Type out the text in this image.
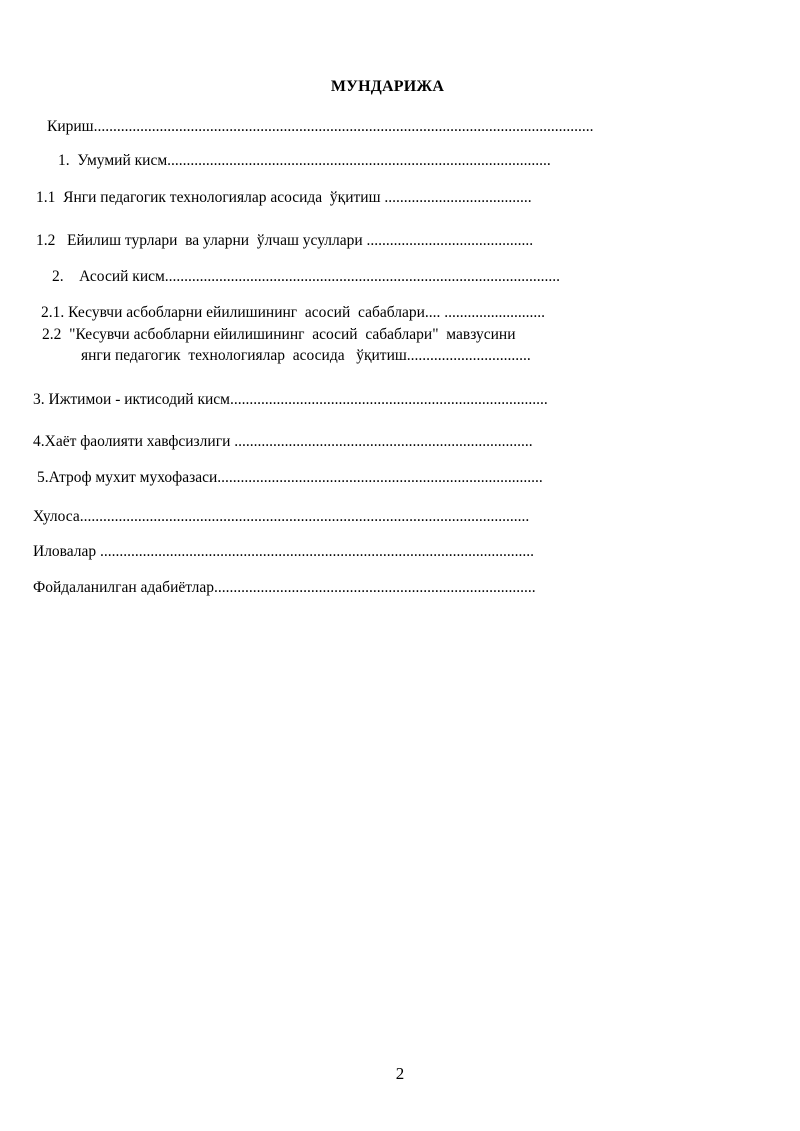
МУНДАРИЖА
Кириш.................................................................................................................................
1.  Умумий кисм...................................................................................................
1.1  Янги педагогик технологиялар асосида  ўқитиш ......................................
1.2   Ейилиш турлари  ва уларни  ўлчаш усуллари ...........................................
2.    Асосий кисм......................................................................................................
2.1. Кесувчи асбобларни ейилишининг  асосий  сабаблари.... ..........................
2.2  "Кесувчи асбобларни ейилишининг  асосий  сабаблари"  мавзусини
янги педагогик  технологиялар  асосида   ўқитиш................................
3. Ижтимои - иктисодий кисм..................................................................................
4.Хаёт фаолияти хавфсизлиги .............................................................................
5.Атроф мухит мухофазаси....................................................................................
Хулоса....................................................................................................................
Иловалар ................................................................................................................
Фойдаланилган адабиётлар...................................................................................
2
